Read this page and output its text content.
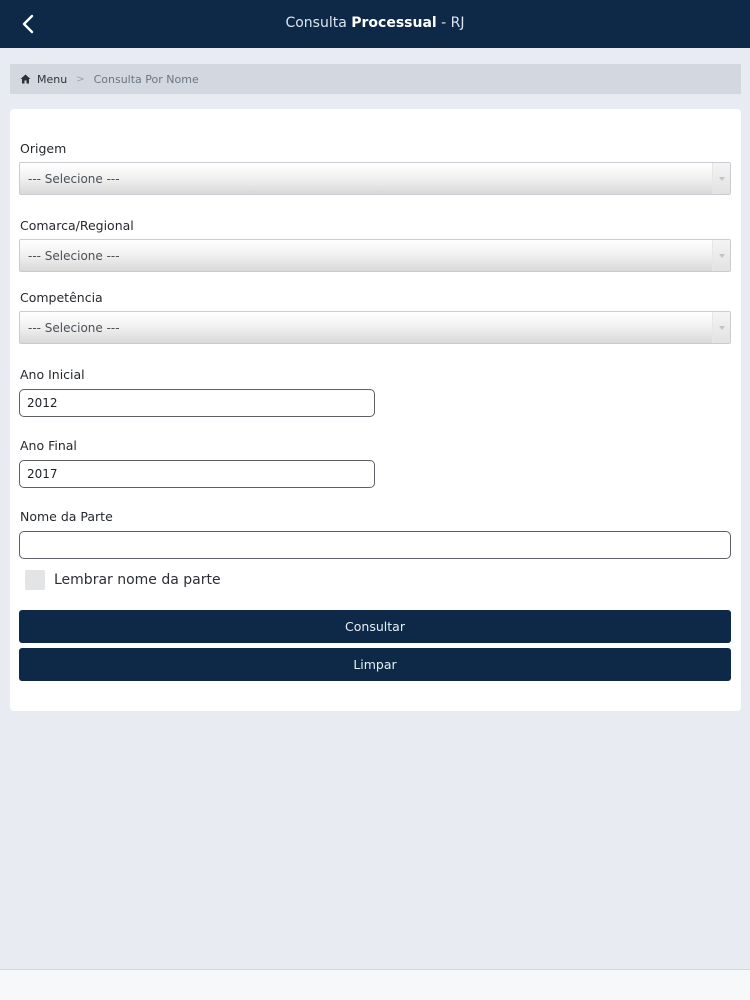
Consulta Processual - RJ
Menu > Consulta Por Nome
Origem
--- Selecione ---
Comarca/Regional
--- Selecione ---
Competência
--- Selecione ---
Ano Inicial
2012
Ano Final
2017
Nome da Parte
Lembrar nome da parte
Consultar
Limpar
